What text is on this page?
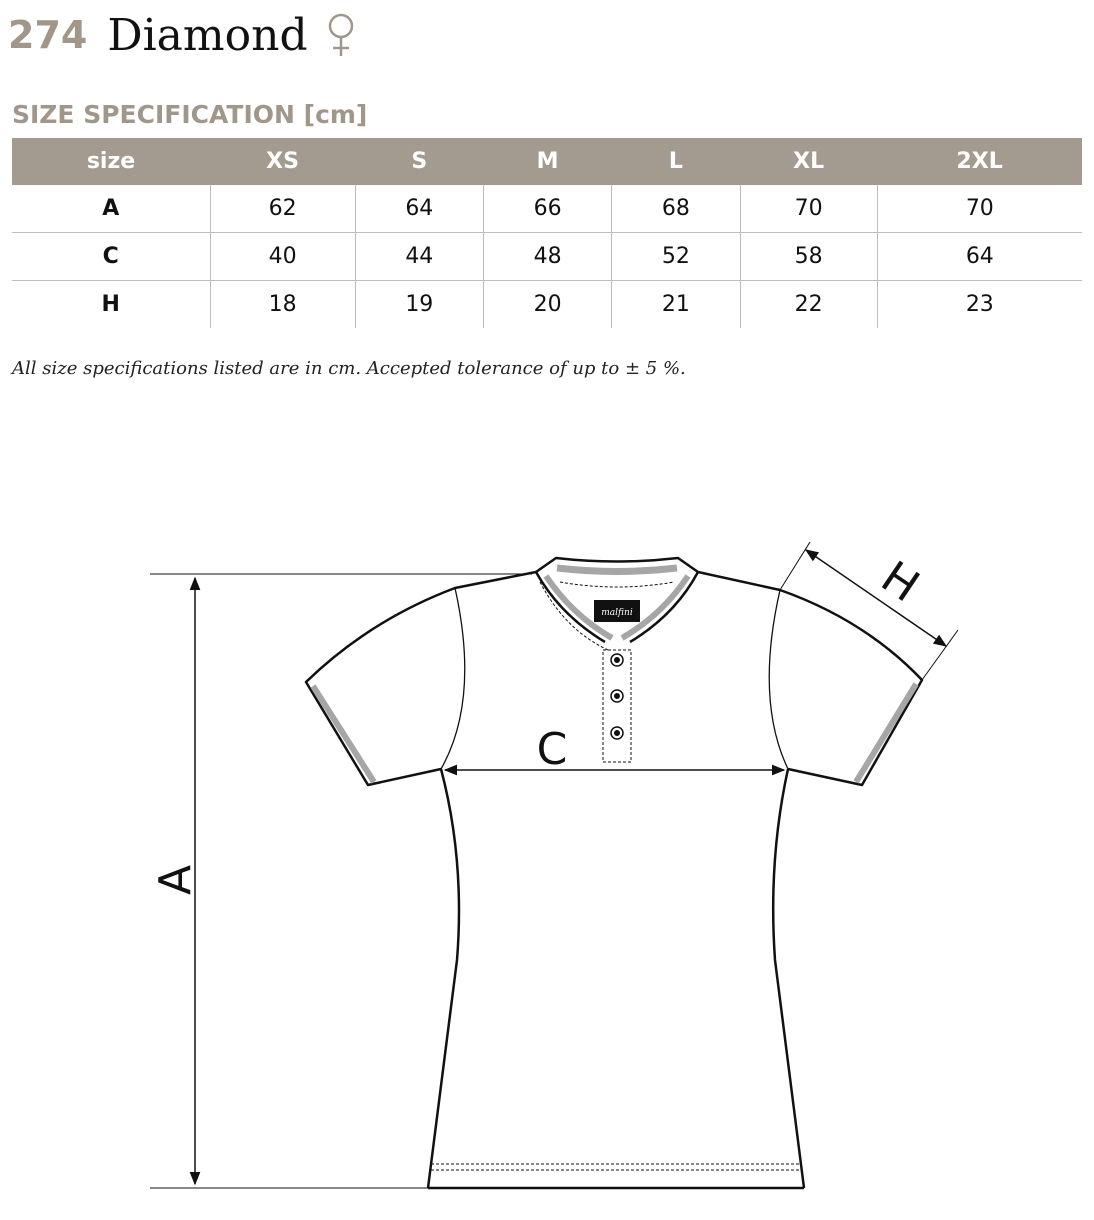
274 Diamond
SIZE SPECIFICATION [cm]
size	XS	S	M	L	XL	2XL
A	62	64	66	68	70	70
C	40	44	48	52	58	64
H	18	19	20	21	22	23
All size specifications listed are in cm. Accepted tolerance of up to ± 5 %.
A
malfini
C
H
